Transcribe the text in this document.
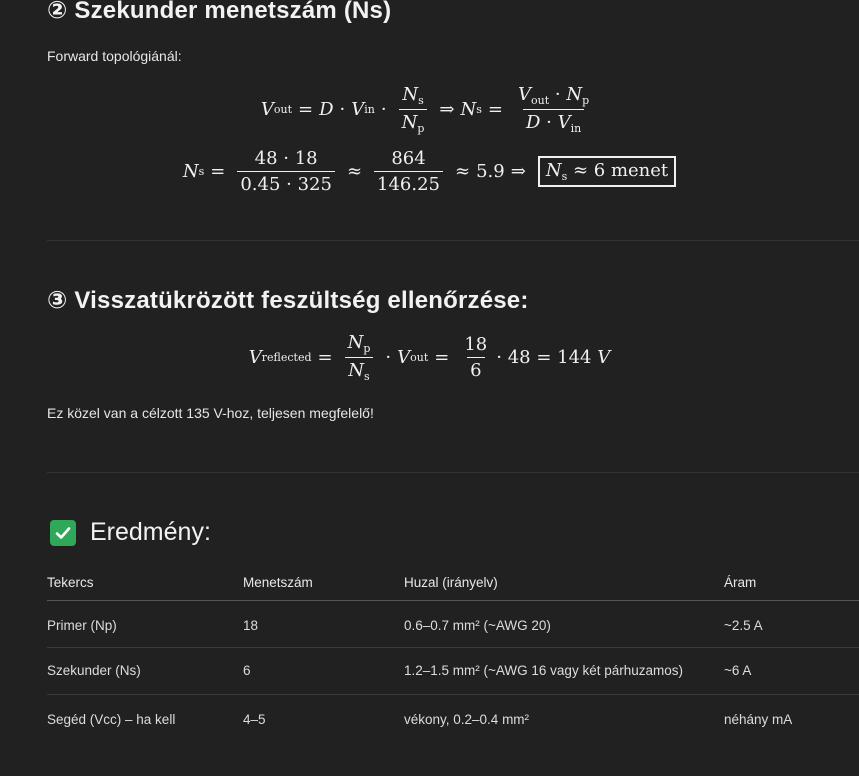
② Szekunder menetszám (Ns)

Forward topológiánál:

V out = D · V in · $\frac{N_s}{N_p}$ ⇒ N $s = \frac{V_{out} \cdot N_p}{D \cdot V_{in}}$
N $s = \frac{48 \cdot 18}{0.45 \cdot 325} \approx \frac{864}{146.25} \approx 5.9$ ⇒	$N_s \approx 6$ menet
③ Visszatükrözött feszültség ellenőrzése:
V reflected = $\frac{N_p}{N_s} \cdot V$ out = $\frac{18}{6} \cdot 48 = 144$
V

Ez közel van a célzott 135 V-hoz, teljesen megfelelő!

Eredmény:
Tekercs	Menetszám	Huzal (irányelv)	Áram
Primer (Np)	18	0.6–0.7 mm² (~AWG 20)	~2.5 A
Szekunder (Ns)	6	1.2–1.5 mm² (~AWG 16 vagy két párhuzamos)	~6 A
Segéd (Vcc) – ha kell	4–5	vékony, 0.2–0.4 mm²	néhány mA
